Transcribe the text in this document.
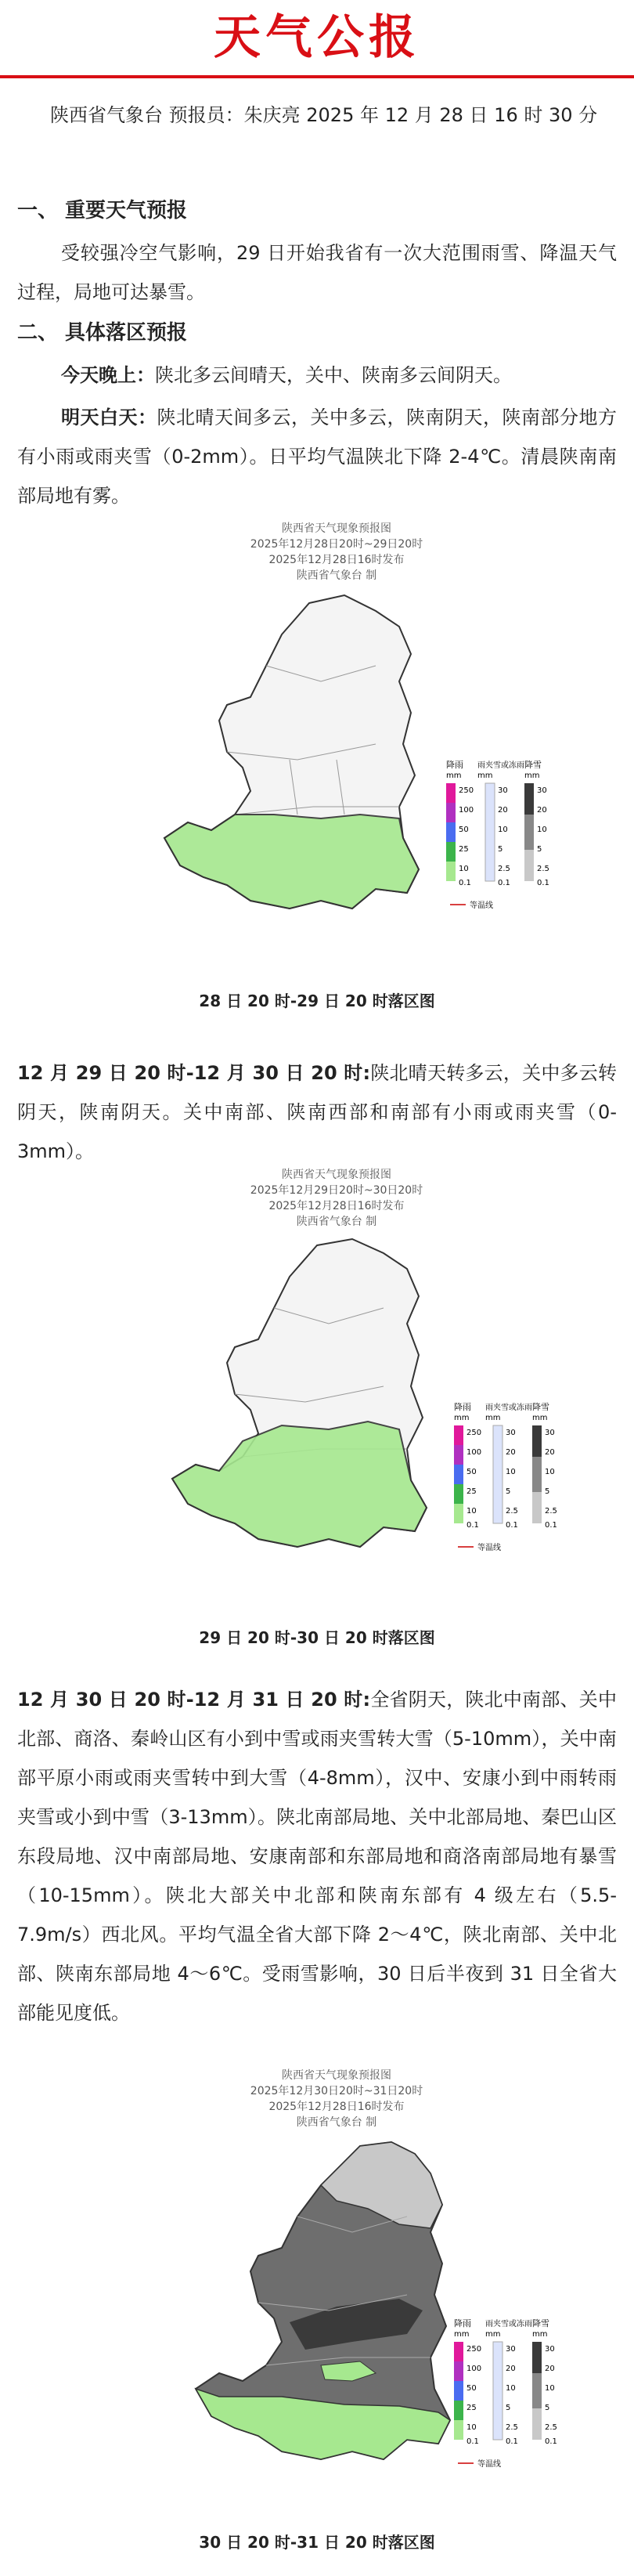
天气公报
陕西省气象台 预报员：朱庆亮 2025 年 12 月 28 日 16 时 30 分
一、 重要天气预报
受较强冷空气影响，29 日开始我省有一次大范围雨雪、降温天气过程，局地可达暴雪。
二、 具体落区预报
今天晚上：陕北多云间晴天，关中、陕南多云间阴天。
明天白天：陕北晴天间多云，关中多云，陕南阴天，陕南部分地方有小雨或雨夹雪（0-2mm）。日平均气温陕北下降 2-4℃。清晨陕南南部局地有雾。
陕西省天气现象预报图
2025年12月28日20时~29日20时
2025年12月28日16时发布
陕西省气象台 制
降雨
mm
雨夹雪或冻雨
mm
降雪
mm
250
100
50
25
10
0.1
30
20
10
5
2.5
0.1
30
20
10
5
2.5
0.1
等温线
28 日 20 时-29 日 20 时落区图
12 月 29 日 20 时-12 月 30 日 20 时:陕北晴天转多云，关中多云转阴天，陕南阴天。关中南部、陕南西部和南部有小雨或雨夹雪（0-3mm）。
陕西省天气现象预报图
2025年12月29日20时~30日20时
2025年12月28日16时发布
陕西省气象台 制
降雨
mm
雨夹雪或冻雨
mm
降雪
mm
250
100
50
25
10
0.1
30
20
10
5
2.5
0.1
30
20
10
5
2.5
0.1
等温线
29 日 20 时-30 日 20 时落区图
12 月 30 日 20 时-12 月 31 日 20 时:全省阴天，陕北中南部、关中北部、商洛、秦岭山区有小到中雪或雨夹雪转大雪（5-10mm），关中南部平原小雨或雨夹雪转中到大雪（4-8mm），汉中、安康小到中雨转雨夹雪或小到中雪（3-13mm）。陕北南部局地、关中北部局地、秦巴山区东段局地、汉中南部局地、安康南部和东部局地和商洛南部局地有暴雪（10-15mm）。陕北大部关中北部和陕南东部有 4 级左右（5.5-7.9m/s）西北风。平均气温全省大部下降 2～4℃，陕北南部、关中北部、陕南东部局地 4～6℃。受雨雪影响，30 日后半夜到 31 日全省大部能见度低。
陕西省天气现象预报图
2025年12月30日20时~31日20时
2025年12月28日16时发布
陕西省气象台 制
降雨
mm
雨夹雪或冻雨
mm
降雪
mm
250
100
50
25
10
0.1
30
20
10
5
2.5
0.1
30
20
10
5
2.5
0.1
等温线
30 日 20 时-31 日 20 时落区图
